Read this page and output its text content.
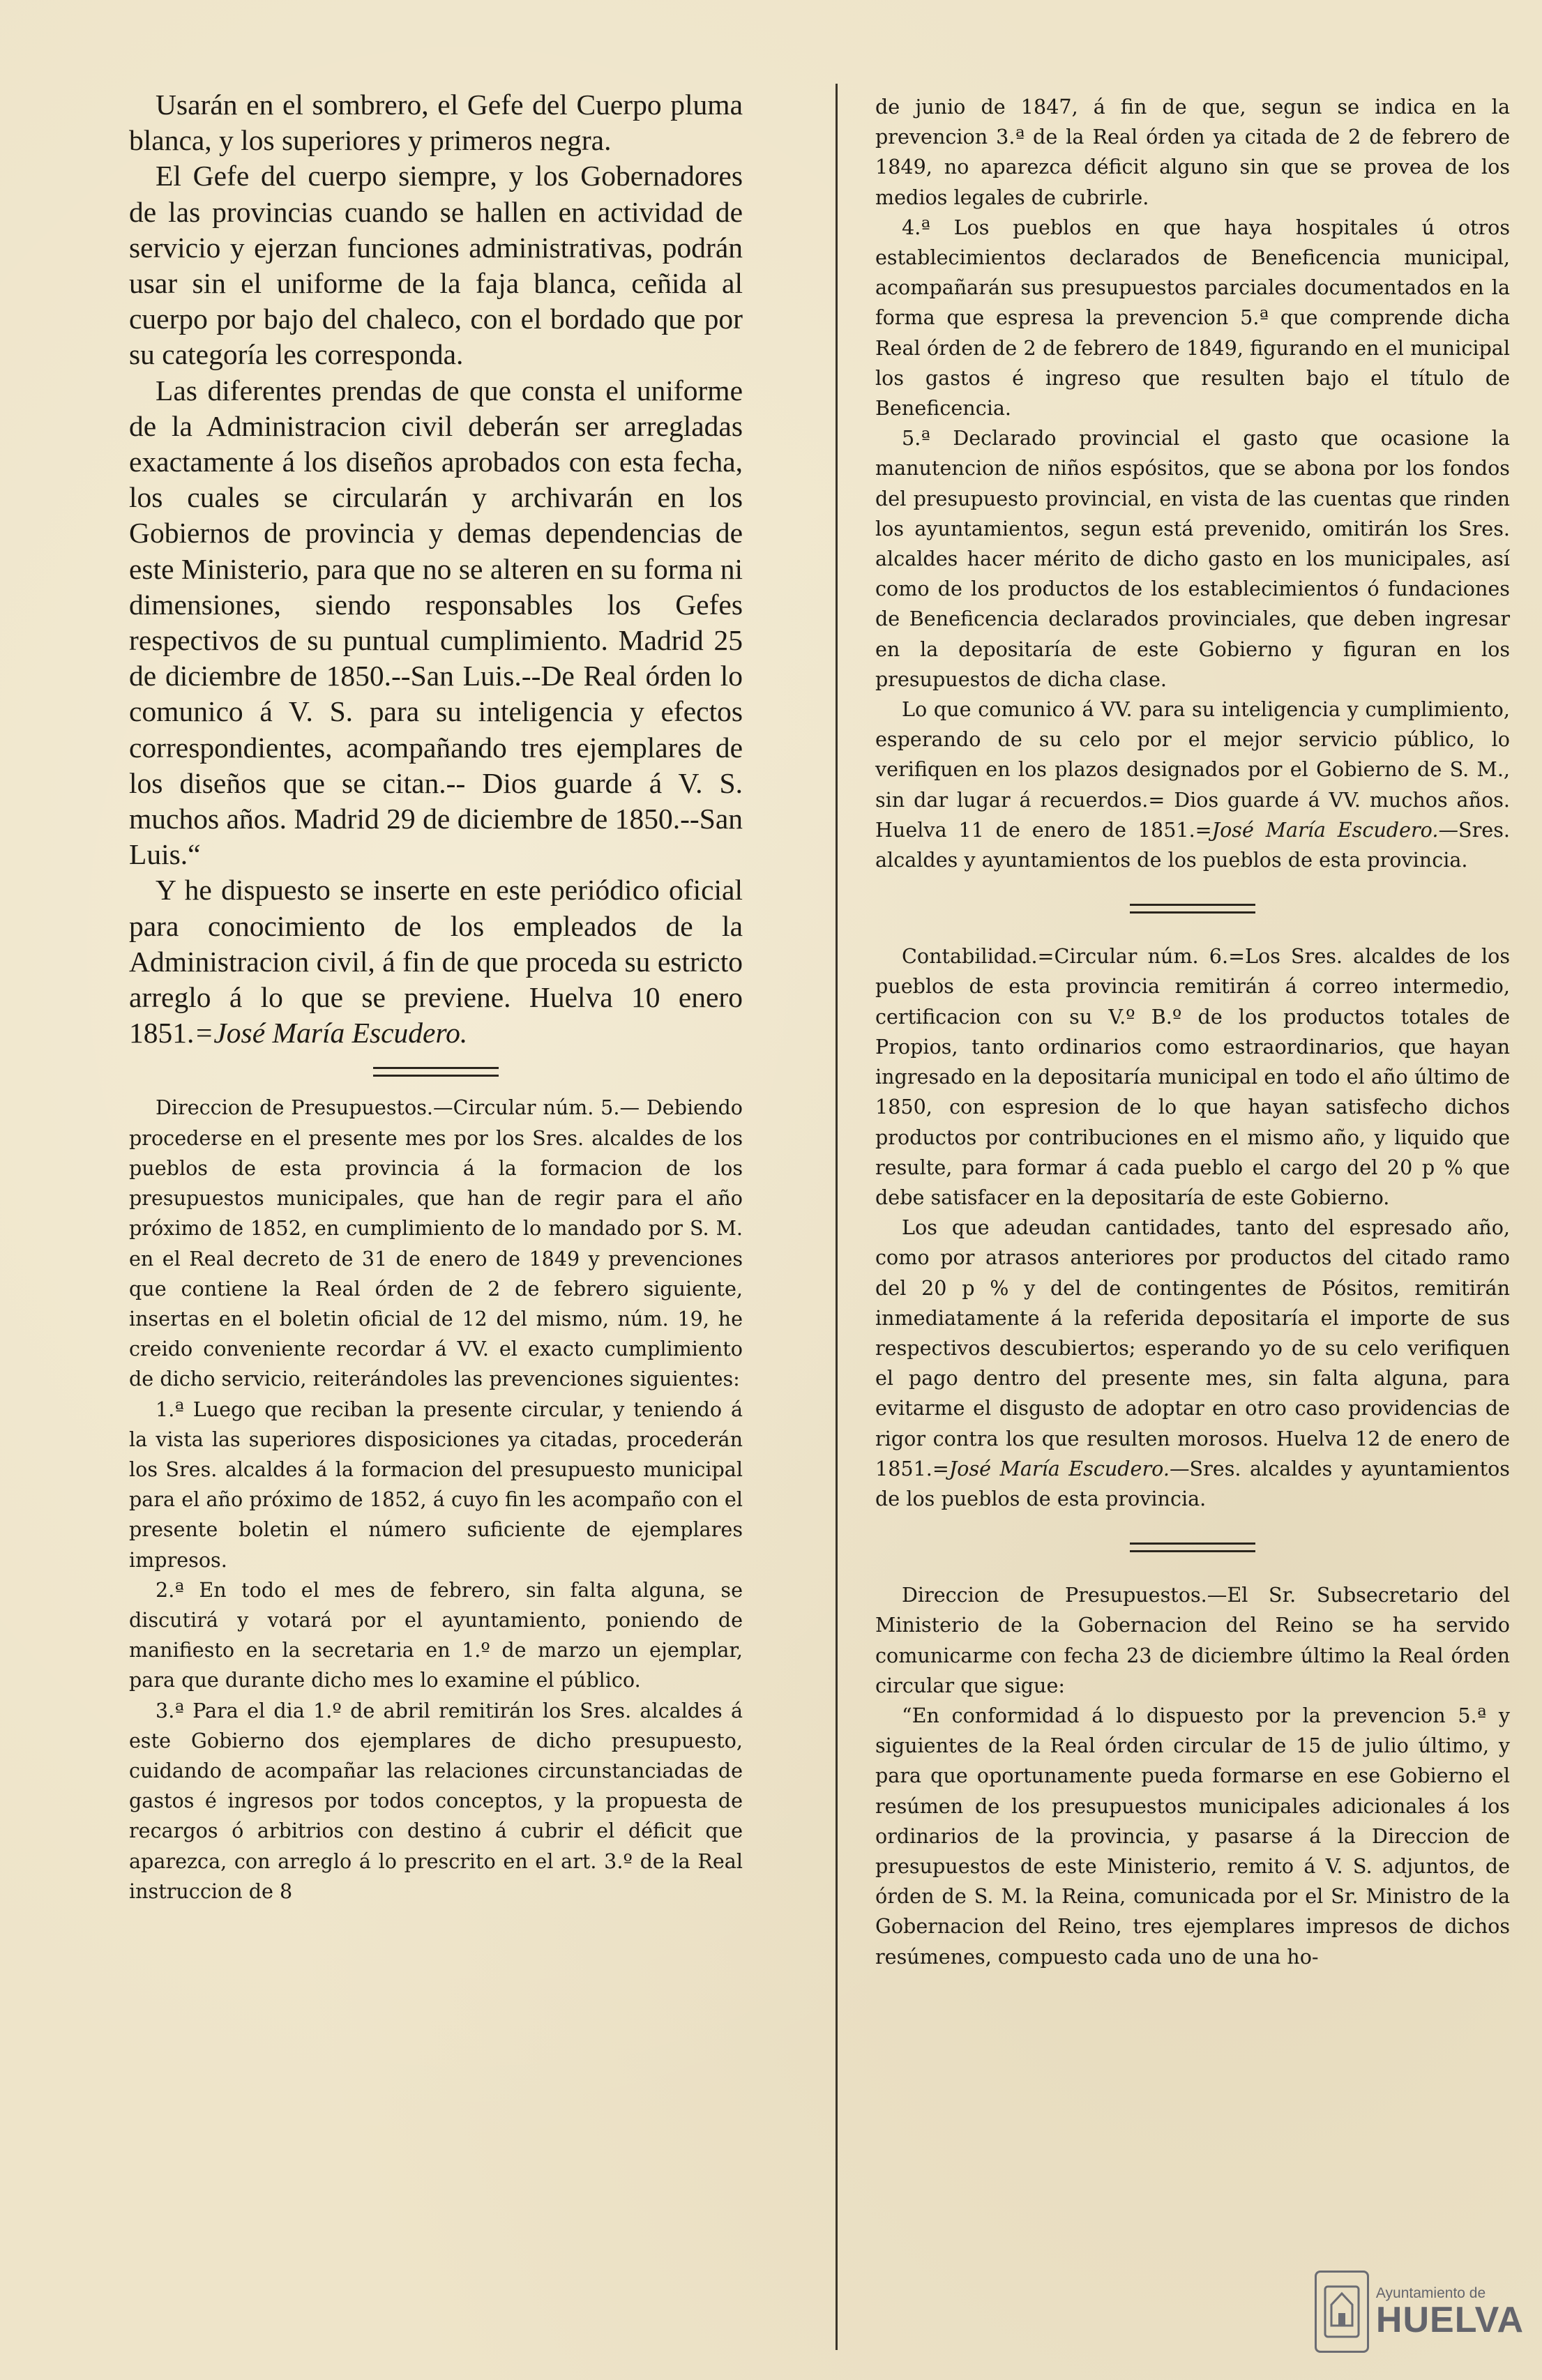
Usarán en el sombrero, el Gefe del Cuerpo pluma blanca, y los superiores y primeros negra.

El Gefe del cuerpo siempre, y los Gobernadores de las provincias cuando se hallen en actividad de servicio y ejerzan funciones administrativas, podrán usar sin el uniforme de la faja blanca, ceñida al cuerpo por bajo del chaleco, con el bordado que por su categoría les corresponda.

Las diferentes prendas de que consta el uniforme de la Administracion civil deberán ser arregladas exactamente á los diseños aprobados con esta fecha, los cuales se circularán y archivarán en los Gobiernos de provincia y demas dependencias de este Ministerio, para que no se alteren en su forma ni dimensiones, siendo responsables los Gefes respectivos de su puntual cumplimiento. Madrid 25 de diciembre de 1850.--San Luis.--De Real órden lo comunico á V. S. para su inteligencia y efectos correspondientes, acompañando tres ejemplares de los diseños que se citan.-- Dios guarde á V. S. muchos años. Madrid 29 de diciembre de 1850.--San Luis.“

Y he dispuesto se inserte en este periódico oficial para conocimiento de los empleados de la Administracion civil, á fin de que proceda su estricto arreglo á lo que se previene. Huelva 10 enero 1851.=José María Escudero.

Direccion de Presupuestos.—Circular núm. 5.— Debiendo procederse en el presente mes por los Sres. alcaldes de los pueblos de esta provincia á la formacion de los presupuestos municipales, que han de regir para el año próximo de 1852, en cumplimiento de lo mandado por S. M. en el Real decreto de 31 de enero de 1849 y prevenciones que contiene la Real órden de 2 de febrero siguiente, insertas en el boletin oficial de 12 del mismo, núm. 19, he creido conveniente recordar á VV. el exacto cumplimiento de dicho servicio, reiterándoles las prevenciones siguientes:

1.ª Luego que reciban la presente circular, y teniendo á la vista las superiores disposiciones ya citadas, procederán los Sres. alcaldes á la formacion del presupuesto municipal para el año próximo de 1852, á cuyo fin les acompaño con el presente boletin el número suficiente de ejemplares impresos.

2.ª En todo el mes de febrero, sin falta alguna, se discutirá y votará por el ayuntamiento, poniendo de manifiesto en la secretaria en 1.º de marzo un ejemplar, para que durante dicho mes lo examine el público.

3.ª Para el dia 1.º de abril remitirán los Sres. alcaldes á este Gobierno dos ejemplares de dicho presupuesto, cuidando de acompañar las relaciones circunstanciadas de gastos é ingresos por todos conceptos, y la propuesta de recargos ó arbitrios con destino á cubrir el déficit que aparezca, con arreglo á lo prescrito en el art. 3.º de la Real instruccion de 8

de junio de 1847, á fin de que, segun se indica en la prevencion 3.ª de la Real órden ya citada de 2 de febrero de 1849, no aparezca déficit alguno sin que se provea de los medios legales de cubrirle.

4.ª Los pueblos en que haya hospitales ú otros establecimientos declarados de Beneficencia municipal, acompañarán sus presupuestos parciales documentados en la forma que espresa la prevencion 5.ª que comprende dicha Real órden de 2 de febrero de 1849, figurando en el municipal los gastos é ingreso que resulten bajo el título de Beneficencia.

5.ª Declarado provincial el gasto que ocasione la manutencion de niños espósitos, que se abona por los fondos del presupuesto provincial, en vista de las cuentas que rinden los ayuntamientos, segun está prevenido, omitirán los Sres. alcaldes hacer mérito de dicho gasto en los municipales, así como de los productos de los establecimientos ó fundaciones de Beneficencia declarados provinciales, que deben ingresar en la depositaría de este Gobierno y figuran en los presupuestos de dicha clase.

Lo que comunico á VV. para su inteligencia y cumplimiento, esperando de su celo por el mejor servicio público, lo verifiquen en los plazos designados por el Gobierno de S. M., sin dar lugar á recuerdos.= Dios guarde á VV. muchos años. Huelva 11 de enero de 1851.=José María Escudero.—Sres. alcaldes y ayuntamientos de los pueblos de esta provincia.

Contabilidad.=Circular núm. 6.=Los Sres. alcaldes de los pueblos de esta provincia remitirán á correo intermedio, certificacion con su V.º B.º de los productos totales de Propios, tanto ordinarios como estraordinarios, que hayan ingresado en la depositaría municipal en todo el año último de 1850, con espresion de lo que hayan satisfecho dichos productos por contribuciones en el mismo año, y liquido que resulte, para formar á cada pueblo el cargo del 20 p % que debe satisfacer en la depositaría de este Gobierno.

Los que adeudan cantidades, tanto del espresado año, como por atrasos anteriores por productos del citado ramo del 20 p % y del de contingentes de Pósitos, remitirán inmediatamente á la referida depositaría el importe de sus respectivos descubiertos; esperando yo de su celo verifiquen el pago dentro del presente mes, sin falta alguna, para evitarme el disgusto de adoptar en otro caso providencias de rigor contra los que resulten morosos. Huelva 12 de enero de 1851.=José María Escudero.—Sres. alcaldes y ayuntamientos de los pueblos de esta provincia.

Direccion de Presupuestos.—El Sr. Subsecretario del Ministerio de la Gobernacion del Reino se ha servido comunicarme con fecha 23 de diciembre último la Real órden circular que sigue:

“En conformidad á lo dispuesto por la prevencion 5.ª y siguientes de la Real órden circular de 15 de julio último, y para que oportunamente pueda formarse en ese Gobierno el resúmen de los presupuestos municipales adicionales á los ordinarios de la provincia, y pasarse á la Direccion de presupuestos de este Ministerio, remito á V. S. adjuntos, de órden de S. M. la Reina, comunicada por el Sr. Ministro de la Gobernacion del Reino, tres ejemplares impresos de dichos resúmenes, compuesto cada uno de una ho-

Ayuntamiento de
HUELVA
